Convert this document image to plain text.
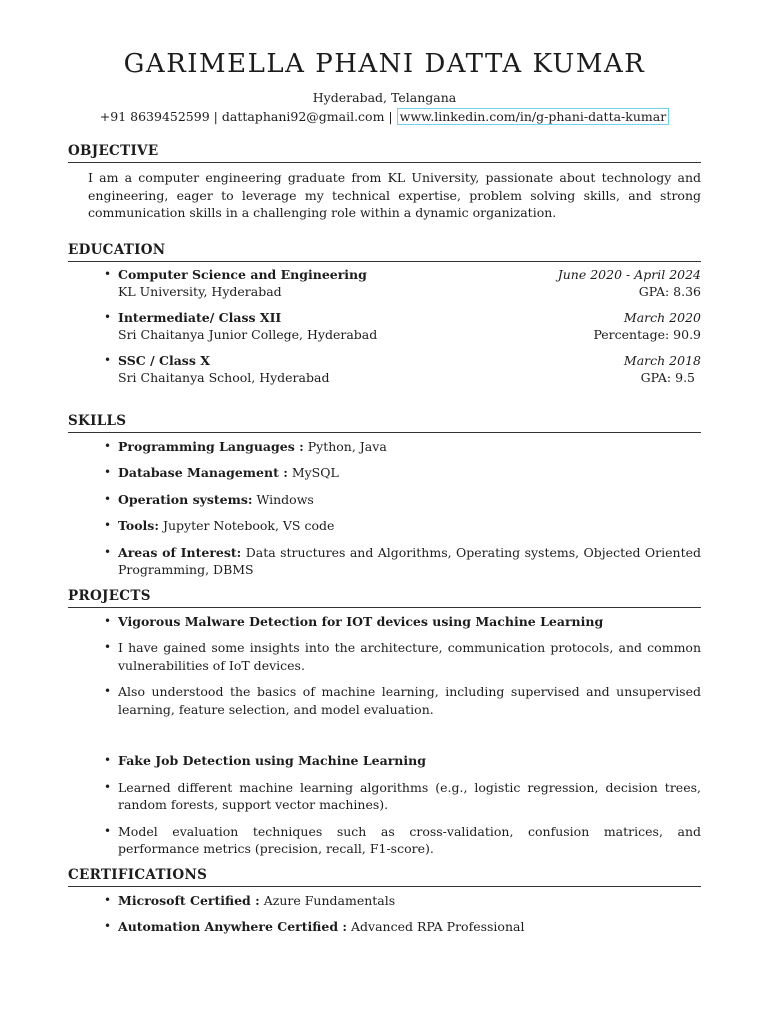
GARIMELLA PHANI DATTA KUMAR
Hyderabad, Telangana
+91 8639452599 | dattaphani92@gmail.com | www.linkedin.com/in/g-phani-datta-kumar
OBJECTIVE
I am a computer engineering graduate from KL University, passionate about technology and engineering, eager to leverage my technical expertise, problem solving skills, and strong communication skills in a challenging role within a dynamic organization.
EDUCATION
• Computer Science and Engineering	June 2020 - April 2024
KL University, Hyderabad	GPA: 8.36
• Intermediate/ Class XII	March 2020
Sri Chaitanya Junior College, Hyderabad	Percentage: 90.9
• SSC / Class X	March 2018
Sri Chaitanya School, Hyderabad	GPA: 9.5
SKILLS
• Programming Languages : Python, Java
• Database Management : MySQL
• Operation systems: Windows
• Tools: Jupyter Notebook, VS code
• Areas of Interest: Data structures and Algorithms, Operating systems, Objected Oriented Programming, DBMS
PROJECTS
• Vigorous Malware Detection for IOT devices using Machine Learning
• I have gained some insights into the architecture, communication protocols, and common vulnerabilities of IoT devices.
• Also understood the basics of machine learning, including supervised and unsupervised learning, feature selection, and model evaluation.
• Fake Job Detection using Machine Learning
• Learned different machine learning algorithms (e.g., logistic regression, decision trees, random forests, support vector machines).
• Model evaluation techniques such as cross-validation, confusion matrices, and performance metrics (precision, recall, F1-score).
CERTIFICATIONS
• Microsoft Certified : Azure Fundamentals
• Automation Anywhere Certified : Advanced RPA Professional
